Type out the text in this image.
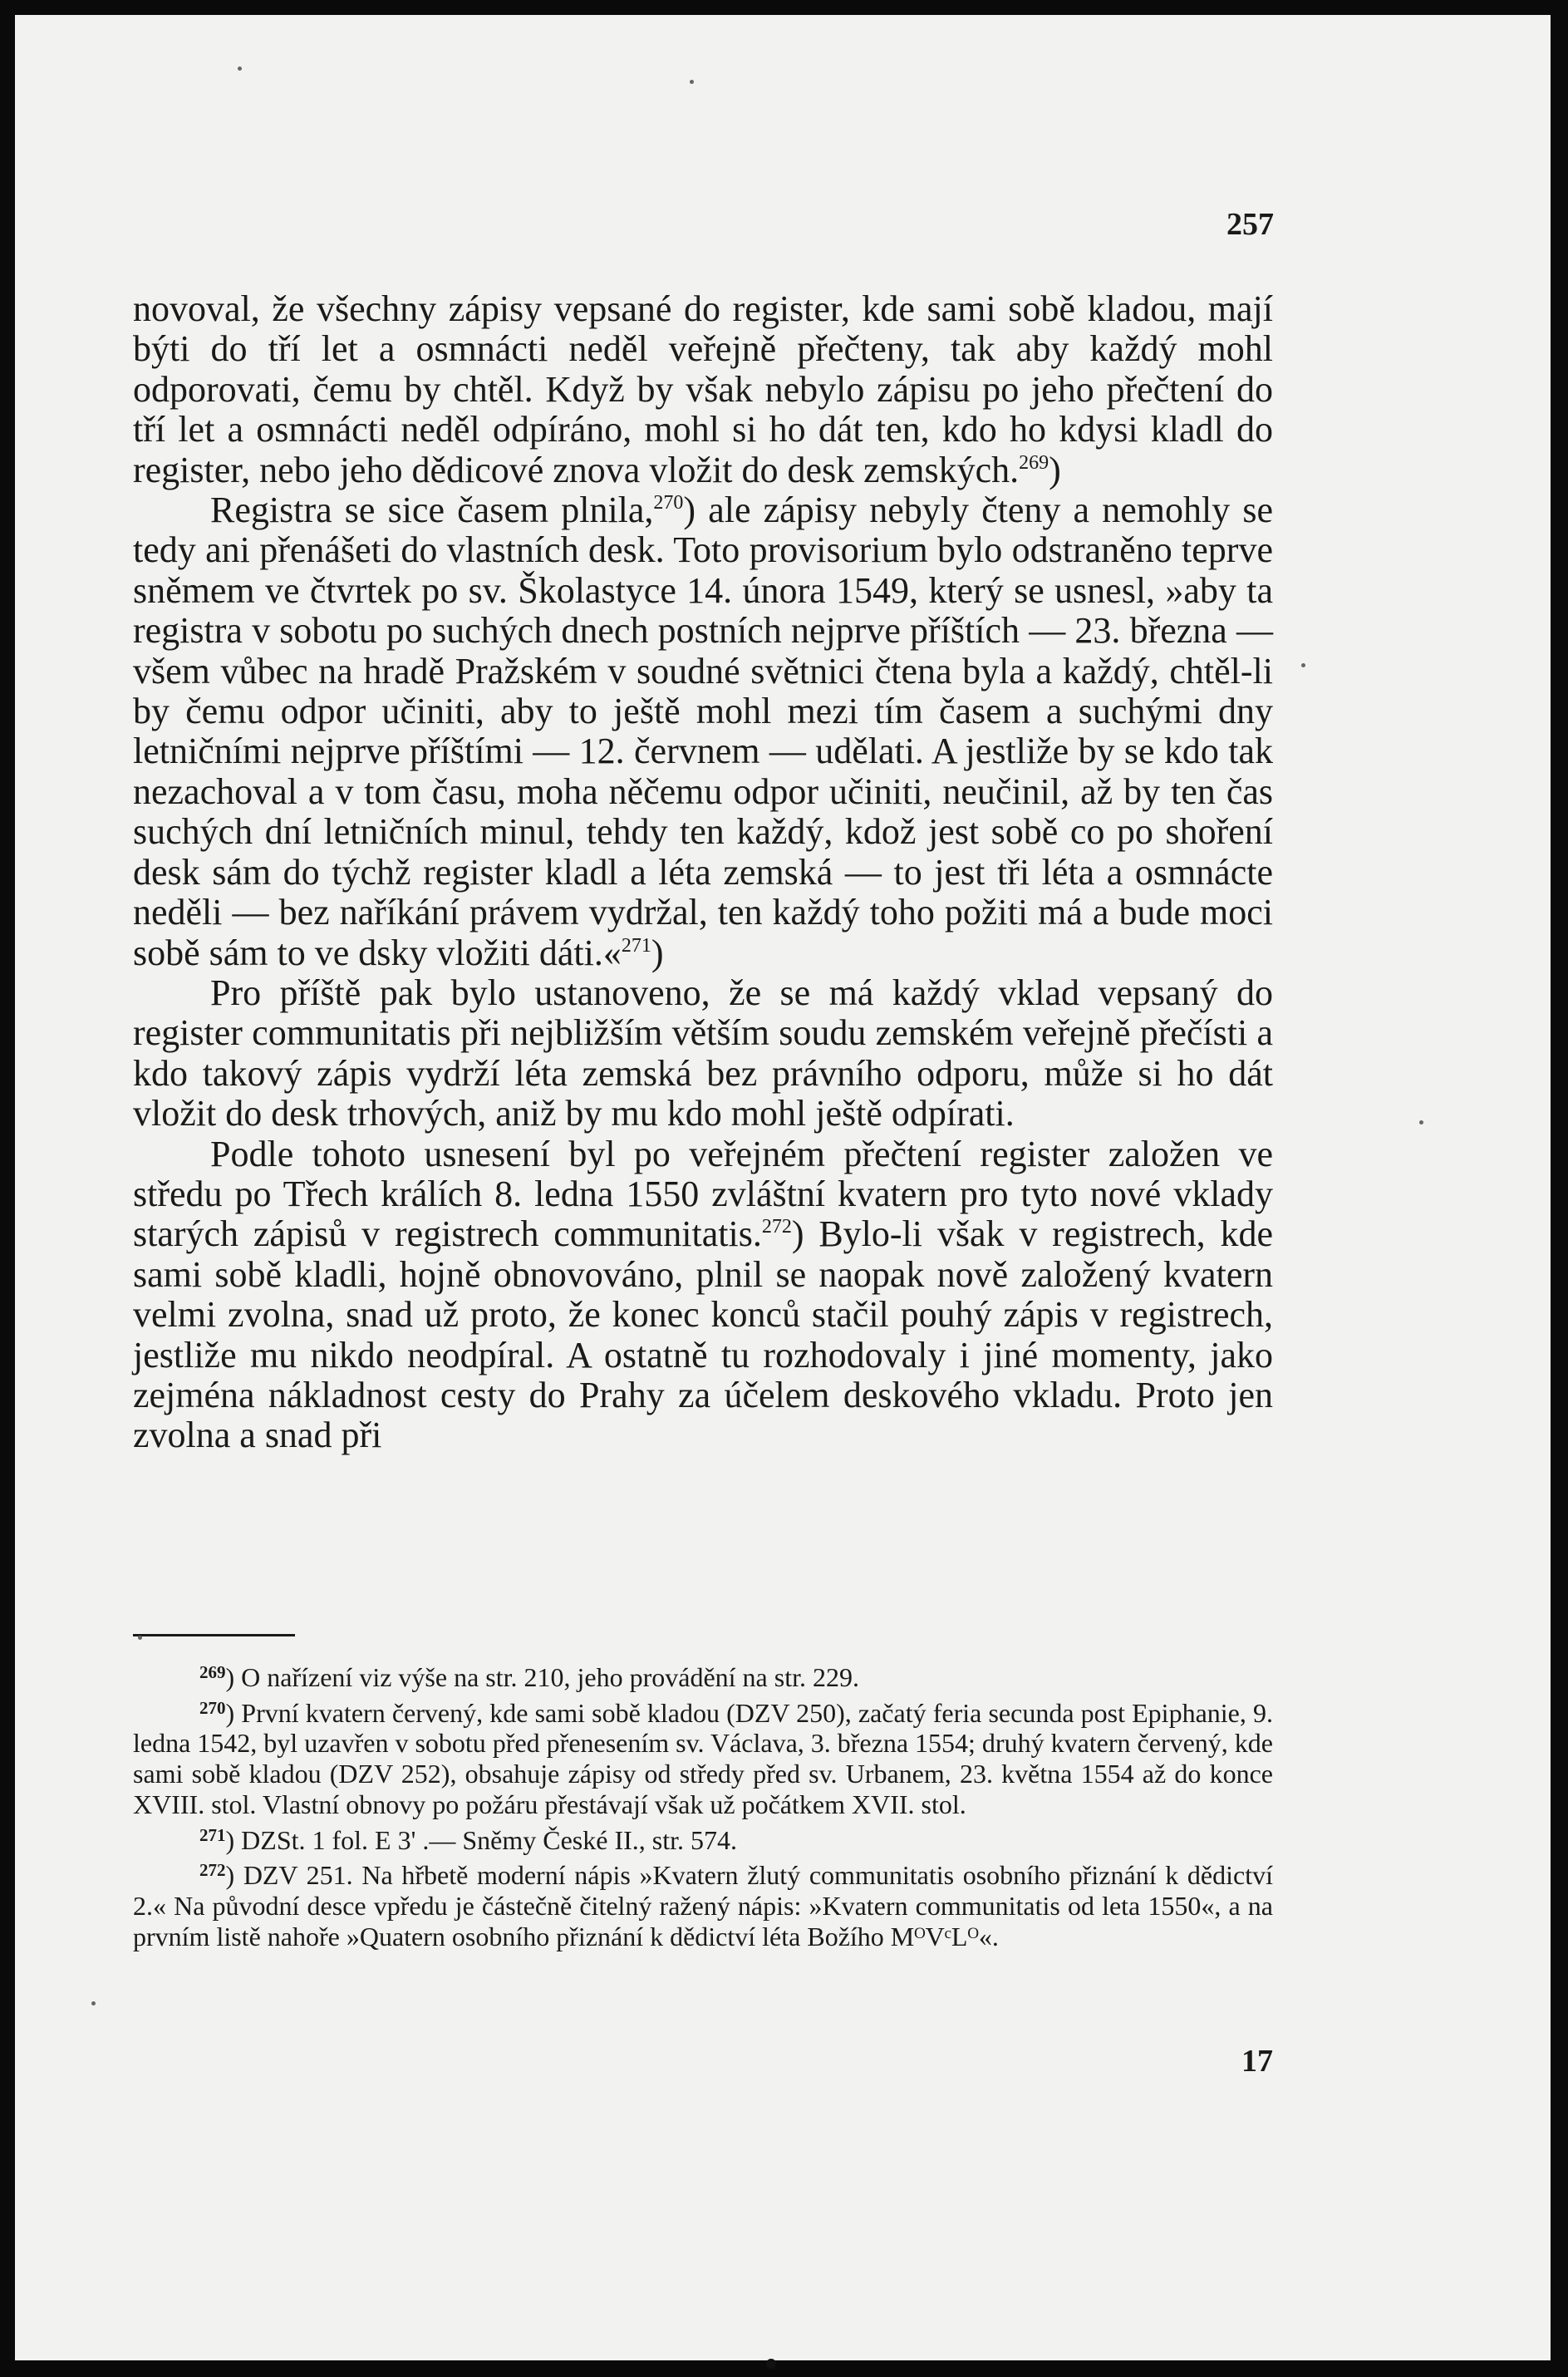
257

novoval, že všechny zápisy vepsané do register, kde sami sobě kladou, mají býti do tří let a osmnácti neděl veřejně přečteny, tak aby každý mohl odporovati, čemu by chtěl. Když by však nebylo zápisu po jeho přečtení do tří let a osmnácti neděl odpíráno, mohl si ho dát ten, kdo ho kdysi kladl do register, nebo jeho dědicové znova vložit do desk zemských.$^{269}$)

Registra se sice časem plnila,$^{270}$) ale zápisy nebyly čteny a nemohly se tedy ani přenášeti do vlastních desk. Toto provisorium bylo odstraněno teprve sněmem ve čtvrtek po sv. Školastyce 14. února 1549, který se usnesl, »aby ta registra v sobotu po suchých dnech postních nejprve příštích — 23. března — všem vůbec na hradě Pražském v soudné světnici čtena byla a každý, chtěl-li by čemu odpor učiniti, aby to ještě mohl mezi tím časem a suchými dny letničními nejprve příštími — 12. červnem — udělati. A jestliže by se kdo tak nezachoval a v tom času, moha něčemu odpor učiniti, neučinil, až by ten čas suchých dní letničních minul, tehdy ten každý, kdož jest sobě co po shoření desk sám do týchž register kladl a léta zemská — to jest tři léta a osmnácte neděli — bez naříkání právem vydržal, ten každý toho požiti má a bude moci sobě sám to ve dsky vložiti dáti.«$^{271}$)

Pro příště pak bylo ustanoveno, že se má každý vklad vepsaný do register communitatis při nejbližším větším soudu zemském veřejně přečísti a kdo takový zápis vydrží léta zemská bez právního odporu, může si ho dát vložit do desk trhových, aniž by mu kdo mohl ještě odpírati.

Podle tohoto usnesení byl po veřejném přečtení register založen ve středu po Třech králích 8. ledna 1550 zvláštní kvatern pro tyto nové vklady starých zápisů v registrech communitatis.$^{272}$) Bylo-li však v registrech, kde sami sobě kladli, hojně obnovováno, plnil se naopak nově založený kvatern velmi zvolna, snad už proto, že konec konců stačil pouhý zápis v registrech, jestliže mu nikdo neodpíral. A ostatně tu rozhodovaly i jiné momenty, jako zejména nákladnost cesty do Prahy za účelem deskového vkladu. Proto jen zvolna a snad při

$^{269}$) O nařízení viz výše na str. 210, jeho provádění na str. 229.

$^{270}$) První kvatern červený, kde sami sobě kladou (DZV 250), začatý feria secunda post Epiphanie, 9. ledna 1542, byl uzavřen v sobotu před přenesením sv. Václava, 3. března 1554; druhý kvatern červený, kde sami sobě kladou (DZV 252), obsahuje zápisy od středy před sv. Urbanem, 23. května 1554 až do konce XVIII. stol. Vlastní obnovy po požáru přestávají však už počátkem XVII. stol.

$^{271}$) DZSt. 1 fol. E 3' .— Sněmy České II., str. 574.

$^{272}$) DZV 251. Na hřbetě moderní nápis »Kvatern žlutý communitatis osobního přiznání k dědictví 2.« Na původní desce vpředu je částečně čitelný ražený nápis: »Kvatern communitatis od leta 1550«, a na prvním listě nahoře »Quatern osobního přiznání k dědictví léta Božího MᴼVᶜLᴼ«.

17
